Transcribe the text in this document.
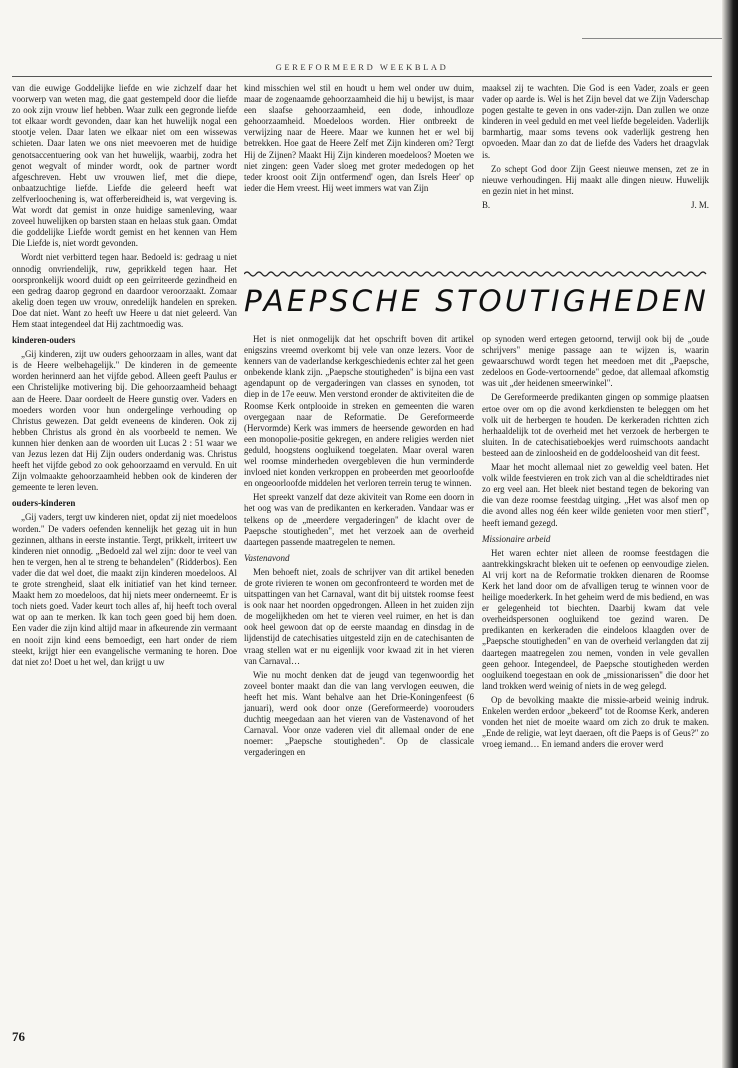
GEREFORMEERD WEEKBLAD

van die euwige Goddelijke liefde en wie zichzelf daar het voorwerp van weten mag, die gaat gestempeld door die liefde zo ook zijn vrouw lief hebben. Waar zulk een gegronde liefde tot elkaar wordt gevonden, daar kan het huwelijk nogal een stootje velen. Daar laten we elkaar niet om een wissewas schieten. Daar laten we ons niet meevoeren met de huidige genotsaccentuering ook van het huwelijk, waarbij, zodra het genot wegvalt of minder wordt, ook de partner wordt afgeschreven. Hebt uw vrouwen lief, met die diepe, onbaatzuchtige liefde. Liefde die geleerd heeft wat zelfverloochening is, wat offerbereidheid is, wat vergeving is. Wat wordt dat gemist in onze huidige samenleving, waar zoveel huwelijken op barsten staan en helaas stuk gaan. Omdat die goddelijke Liefde wordt gemist en het kennen van Hem Die Liefde is, niet wordt gevonden.

Wordt niet verbitterd tegen haar. Bedoeld is: gedraag u niet onnodig onvriendelijk, ruw, geprikkeld tegen haar. Het oorspronkelijk woord duidt op een geïrriteerde gezindheid en een gedrag daarop gegrond en daardoor veroorzaakt. Zomaar akelig doen tegen uw vrouw, onredelijk handelen en spreken. Doe dat niet. Want zo heeft uw Heere u dat niet geleerd. Van Hem staat integendeel dat Hij zachtmoedig was.

kinderen-ouders

„Gij kinderen, zijt uw ouders gehoorzaam in alles, want dat is de Heere welbehagelijk." De kinderen in de gemeente worden herinnerd aan het vijfde gebod. Alleen geeft Paulus er een Christelijke motivering bij. Die gehoorzaamheid behaagt aan de Heere. Daar oordeelt de Heere gunstig over. Vaders en moeders worden voor hun ondergelinge verhouding op Christus gewezen. Dat geldt eveneens de kinderen. Ook zij hebben Christus als grond èn als voorbeeld te nemen. We kunnen hier denken aan de woorden uit Lucas 2 : 51 waar we van Jezus lezen dat Hij Zijn ouders onderdanig was. Christus heeft het vijfde gebod zo ook gehoorzaamd en vervuld. En uit Zijn volmaakte gehoorzaamheid hebben ook de kinderen der gemeente te leren leven.

ouders-kinderen

„Gij vaders, tergt uw kinderen niet, opdat zij niet moedeloos worden." De vaders oefenden kennelijk het gezag uit in hun gezinnen, althans in eerste instantie. Tergt, prikkelt, irriteert uw kinderen niet onnodig. „Bedoeld zal wel zijn: door te veel van hen te vergen, hen al te streng te behandelen" (Ridderbos). Een vader die dat wel doet, die maakt zijn kinderen moedeloos. Al te grote strengheid, slaat elk initiatief van het kind terneer. Maakt hem zo moedeloos, dat hij niets meer onderneemt. Er is toch niets goed. Vader keurt toch alles af, hij heeft toch overal wat op aan te merken. Ik kan toch geen goed bij hem doen. Een vader die zijn kind altijd maar in afkeurende zin vermaant en nooit zijn kind eens bemoedigt, een hart onder de riem steekt, krijgt hier een evangelische vermaning te horen. Doe dat niet zo! Doet u het wel, dan krijgt u uw

kind misschien wel stil en houdt u hem wel onder uw duim, maar de zogenaamde gehoorzaamheid die hij u bewijst, is maar een slaafse gehoorzaamheid, een dode, inhoudloze gehoorzaamheid. Moedeloos worden. Hier ontbreekt de verwijzing naar de Heere. Maar we kunnen het er wel bij betrekken. Hoe gaat de Heere Zelf met Zijn kinderen om? Tergt Hij de Zijnen? Maakt Hij Zijn kinderen moedeloos? Moeten we niet zingen: geen Vader sloeg met groter mededogen op het teder kroost ooit Zijn ontfermend' ogen, dan Isrels Heer' op ieder die Hem vreest. Hij weet immers wat van Zijn

maaksel zij te wachten. Die God is een Vader, zoals er geen vader op aarde is. Wel is het Zijn bevel dat we Zijn Vaderschap pogen gestalte te geven in ons vader-zijn. Dan zullen we onze kinderen in veel geduld en met veel liefde begeleiden. Vaderlijk barmhartig, maar soms tevens ook vaderlijk gestreng hen opvoeden. Maar dan zo dat de liefde des Vaders het draagvlak is.

Zo schept God door Zijn Geest nieuwe mensen, zet ze in nieuwe verhoudingen. Hij maakt alle dingen nieuw. Huwelijk en gezin niet in het minst.

B.	J. M.
PAEPSCHE STOUTIGHEDEN

Het is niet onmogelijk dat het opschrift boven dit artikel enigszins vreemd overkomt bij vele van onze lezers. Voor de kenners van de vaderlandse kerkgeschiedenis echter zal het geen onbekende klank zijn. „Paepsche stoutigheden" is bijna een vast agendapunt op de vergaderingen van classes en synoden, tot diep in de 17e eeuw. Men verstond eronder de aktiviteiten die de Roomse Kerk ontplooide in streken en gemeenten die waren overgegaan naar de Reformatie. De Gereformeerde (Hervormde) Kerk was immers de heersende geworden en had een monopolie-positie gekregen, en andere religies werden niet geduld, hoogstens oogluikend toegelaten. Maar overal waren wel roomse minderheden overgebleven die hun verminderde invloed niet konden verkroppen en probeerden met geoorloofde en ongeoorloofde middelen het verloren terrein terug te winnen.

Het spreekt vanzelf dat deze akiviteit van Rome een doorn in het oog was van de predikanten en kerkeraden. Vandaar was er telkens op de „meerdere vergaderingen" de klacht over de Paepsche stoutigheden", met het verzoek aan de overheid daartegen passende maatregelen te nemen.

Vastenavond

Men behoeft niet, zoals de schrijver van dit artikel beneden de grote rivieren te wonen om geconfronteerd te worden met de uitspattingen van het Carnaval, want dit bij uitstek roomse feest is ook naar het noorden opgedrongen. Alleen in het zuiden zijn de mogelijkheden om het te vieren veel ruimer, en het is dan ook heel gewoon dat op de eerste maandag en dinsdag in de lijdenstijd de catechisaties uitgesteld zijn en de catechisanten de vraag stellen wat er nu eigenlijk voor kwaad zit in het vieren van Carnaval…

Wie nu mocht denken dat de jeugd van tegenwoordig het zoveel bonter maakt dan die van lang vervlogen eeuwen, die heeft het mis. Want behalve aan het Drie-Koningenfeest (6 januari), werd ook door onze (Gereformeerde) voorouders duchtig meegedaan aan het vieren van de Vastenavond of het Carnaval. Voor onze vaderen viel dit allemaal onder de ene noemer: „Paepsche stoutigheden". Op de classicale vergaderingen en

op synoden werd ertegen getoornd, terwijl ook bij de „oude schrijvers" menige passage aan te wijzen is, waarin gewaarschuwd wordt tegen het meedoen met dit „Paepsche, zedeloos en Gode-vertoornende" gedoe, dat allemaal afkomstig was uit „der heidenen smeerwinkel".

De Gereformeerde predikanten gingen op sommige plaatsen ertoe over om op die avond kerkdiensten te beleggen om het volk uit de herbergen te houden. De kerkeraden richtten zich herhaaldelijk tot de overheid met het verzoek de herbergen te sluiten. In de catechisatieboekjes werd ruimschoots aandacht besteed aan de zinloosheid en de goddeloosheid van dit feest.

Maar het mocht allemaal niet zo geweldig veel baten. Het volk wilde feestvieren en trok zich van al die scheldtirades niet zo erg veel aan. Het bleek niet bestand tegen de bekoring van die van deze roomse feestdag uitging. „Het was alsof men op die avond alles nog één keer wilde genieten voor men stierf", heeft iemand gezegd.

Missionaire arbeid

Het waren echter niet alleen de roomse feestdagen die aantrekkingskracht bleken uit te oefenen op eenvoudige zielen. Al vrij kort na de Reformatie trokken dienaren de Roomse Kerk het land door om de afvalligen terug te winnen voor de heilige moederkerk. In het geheim werd de mis bediend, en was er gelegenheid tot biechten. Daarbij kwam dat vele overheidspersonen oogluikend toe gezind waren. De predikanten en kerkeraden die eindeloos klaagden over de „Paepsche stoutigheden" en van de overheid verlangden dat zij daartegen maatregelen zou nemen, vonden in vele gevallen geen gehoor. Integendeel, de Paepsche stoutigheden werden oogluikend toegestaan en ook de „missionarissen" die door het land trokken werd weinig of niets in de weg gelegd.

Op de bevolking maakte die missie-arbeid weinig indruk. Enkelen werden erdoor „bekeerd" tot de Roomse Kerk, anderen vonden het niet de moeite waard om zich zo druk te maken. „Ende de religie, wat leyt daeraen, oft die Paeps is of Geus?" zo vroeg iemand… En iemand anders die erover werd

76
